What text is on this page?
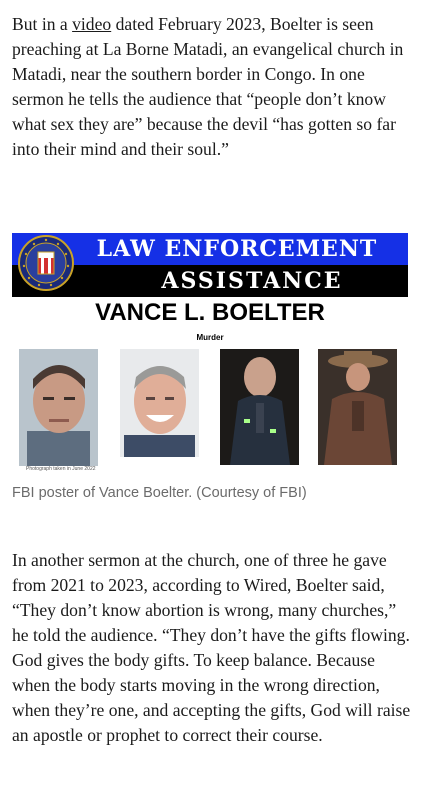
But in a video dated February 2023, Boelter is seen preaching at La Borne Matadi, an evangelical church in Matadi, near the southern border in Congo. In one sermon he tells the audience that “people don’t know what sex they are” because the devil “has gotten so far into their mind and their soul.”

LAW ENFORCEMENT
ASSISTANCE
VANCE L. BOELTER
Murder
Photograph taken in June 2022
FBI poster of Vance Boelter. (Courtesy of FBI)

In another sermon at the church, one of three he gave from 2021 to 2023, according to Wired, Boelter said, “They don’t know abortion is wrong, many churches,” he told the audience. “They don’t have the gifts flowing. God gives the body gifts. To keep balance. Because when the body starts moving in the wrong direction, when they’re one, and accepting the gifts, God will raise an apostle or prophet to correct their course.
